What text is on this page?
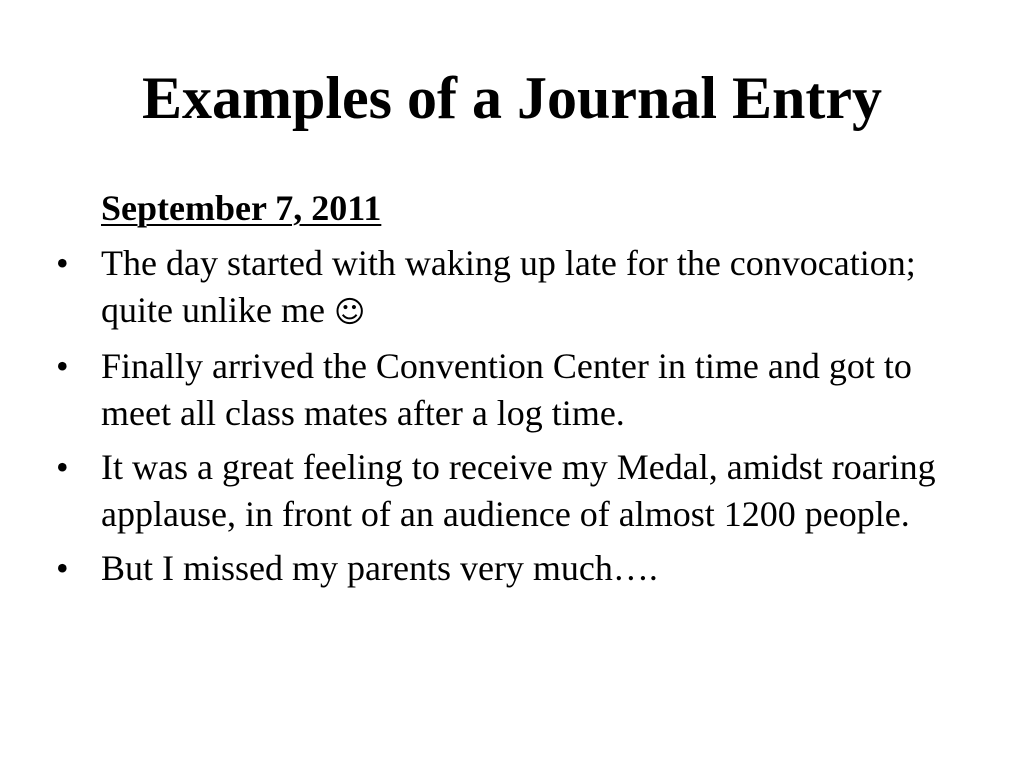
Examples of a Journal Entry

September 7, 2011

• The day started with waking up late for the convocation; quite unlike me ☺
• Finally arrived the Convention Center in time and got to meet all class mates after a log time.
• It was a great feeling to receive my Medal, amidst roaring applause, in front of an audience of almost 1200 people.
• But I missed my parents very much….
